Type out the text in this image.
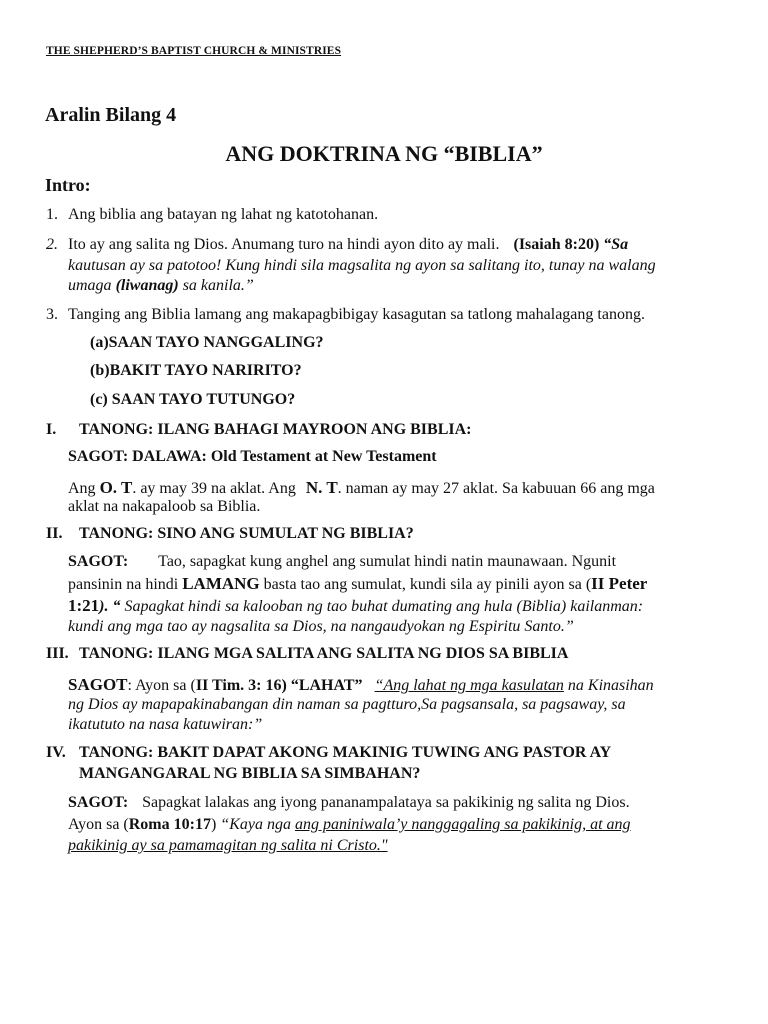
THE SHEPHERD’S BAPTIST CHURCH & MINISTRIES
Aralin Bilang 4
ANG DOKTRINA NG “BIBLIA”
Intro:
1. Ang biblia ang batayan ng lahat ng katotohanan.
2. Ito ay ang salita ng Dios. Anumang turo na hindi ayon dito ay mali. (Isaiah 8:20) “Sa
kautusan ay sa patotoo! Kung hindi sila magsalita ng ayon sa salitang ito, tunay na walang
umaga (liwanag) sa kanila.”
3. Tanging ang Biblia lamang ang makapagbibigay kasagutan sa tatlong mahalagang tanong.
(a)SAAN TAYO NANGGALING?
(b)BAKIT TAYO NARIRITO?
(c) SAAN TAYO TUTUNGO?
I. TANONG: ILANG BAHAGI MAYROON ANG BIBLIA:
SAGOT: DALAWA: Old Testament at New Testament
Ang O. T. ay may 39 na aklat. Ang N. T. naman ay may 27 aklat. Sa kabuuan 66 ang mga
aklat na nakapaloob sa Biblia.
II. TANONG: SINO ANG SUMULAT NG BIBLIA?
SAGOT: Tao, sapagkat kung anghel ang sumulat hindi natin maunawaan. Ngunit
pansinin na hindi LAMANG basta tao ang sumulat, kundi sila ay pinili ayon sa (II Peter
1:21). “ Sapagkat hindi sa kalooban ng tao buhat dumating ang hula (Biblia) kailanman:
kundi ang mga tao ay nagsalita sa Dios, na nangaudyokan ng Espiritu Santo.”
III. TANONG: ILANG MGA SALITA ANG SALITA NG DIOS SA BIBLIA
SAGOT: Ayon sa (II Tim. 3: 16) “LAHAT” “Ang lahat ng mga kasulatan na Kinasihan
ng Dios ay mapapakinabangan din naman sa pagtturo,Sa pagsansala, sa pagsaway, sa
ikatututo na nasa katuwiran:”
IV. TANONG: BAKIT DAPAT AKONG MAKINIG TUWING ANG PASTOR AY
MANGANGARAL NG BIBLIA SA SIMBAHAN?
SAGOT: Sapagkat lalakas ang iyong pananampalataya sa pakikinig ng salita ng Dios.
Ayon sa (Roma 10:17) “Kaya nga ang paniniwala’y nanggagaling sa pakikinig, at ang
pakikinig ay sa pamamagitan ng salita ni Cristo."
